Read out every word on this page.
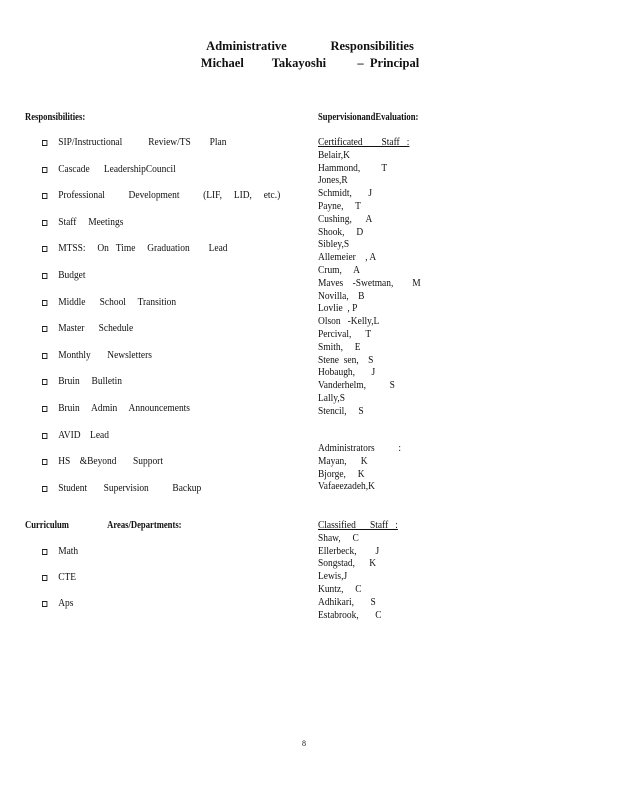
Administrative              Responsibilities
Michael         Takayoshi          –  Principal
Responsibilities:
SIP/Instructional           Review/TS        Plan
Cascade      LeadershipCouncil
Professional          Development          (LIF,     LID,     etc.)
Staff     Meetings
MTSS:     On   Time     Graduation        Lead
Budget
Middle      School     Transition
Master      Schedule
Monthly       Newsletters
Bruin     Bulletin
Bruin     Admin     Announcements
AVID    Lead
HS    &Beyond       Support
Student       Supervision          Backup
Curriculum                  Areas/Departments:
Math
CTE
Aps
SupervisionandEvaluation:
Certificated        Staff   :
Belair,K
Hammond,         T
Jones,R
Schmidt,       J
Payne,     T
Cushing,      A
Shook,     D
Sibley,S
Allemeier    , A
Crum,     A
Maves    -Swetman,        M
Novilla,    B
Lovlie  , P
Olson   -Kelly,L
Percival,      T
Smith,     E
Stene  sen,    S
Hobaugh,       J
Vanderhelm,          S
Lally,S
Stencil,     S
Administrators          :
Mayan,      K
Bjorge,     K
Vafaeezadeh,K
Classified      Staff   :
Shaw,     C
Ellerbeck,        J
Songstad,      K
Lewis,J
Kuntz,     C
Adhikari,       S
Estabrook,       C
8
